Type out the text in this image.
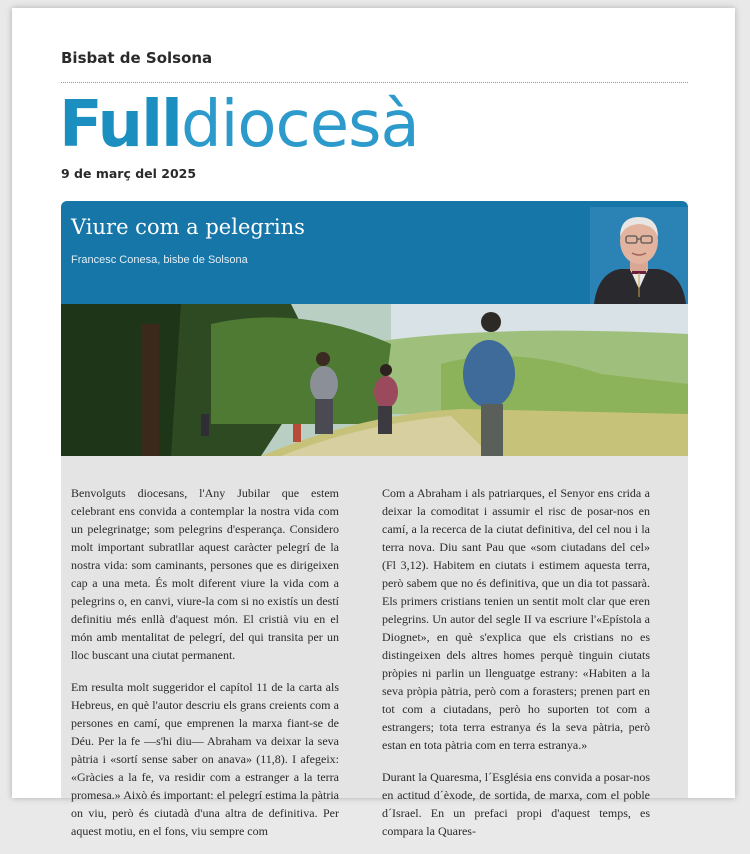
Bisbat de Solsona
Fulldiocesà
9 de març del 2025
Viure com a pelegrins
Francesc Conesa, bisbe de Solsona

Benvolguts diocesans, l'Any Jubilar que estem celebrant ens convida a contemplar la nostra vida com un pelegrinatge; som pelegrins d'esperança. Considero molt important subratllar aquest caràcter pelegrí de la nostra vida: som caminants, persones que es dirigeixen cap a una meta. És molt diferent viure la vida com a pelegrins o, en canvi, viure-la com si no existís un destí definitiu més enllà d'aquest món. El cristià viu en el món amb mentalitat de pelegrí, del qui transita per un lloc buscant una ciutat permanent.

Em resulta molt suggeridor el capítol 11 de la carta als Hebreus, en què l'autor descriu els grans creients com a persones en camí, que emprenen la marxa fiant-se de Déu. Per la fe —s'hi diu— Abraham va deixar la seva pàtria i «sortí sense saber on anava» (11,8). I afegeix: «Gràcies a la fe, va residir com a estranger a la terra promesa.» Això és important: el pelegrí estima la pàtria on viu, però és ciutadà d'una altra de definitiva. Per aquest motiu, en el fons, viu sempre com

Com a Abraham i als patriarques, el Senyor ens crida a deixar la comoditat i assumir el risc de posar-nos en camí, a la recerca de la ciutat definitiva, del cel nou i la terra nova. Diu sant Pau que «som ciutadans del cel» (Fl 3,12). Habitem en ciutats i estimem aquesta terra, però sabem que no és definitiva, que un dia tot passarà. Els primers cristians tenien un sentit molt clar que eren pelegrins. Un autor del segle II va escriure l'«Epístola a Diognet», en què s'explica que els cristians no es distingeixen dels altres homes perquè tinguin ciutats pròpies ni parlin un llenguatge estrany: «Habiten a la seva pròpia pàtria, però com a forasters; prenen part en tot com a ciutadans, però ho suporten tot com a estrangers; tota terra estranya és la seva pàtria, però estan en tota pàtria com en terra estranya.»

Durant la Quaresma, l´Església ens convida a posar-nos en actitud d´èxode, de sortida, de marxa, com el poble d´Israel. En un prefaci propi d'aquest temps, es compara la Quares-
